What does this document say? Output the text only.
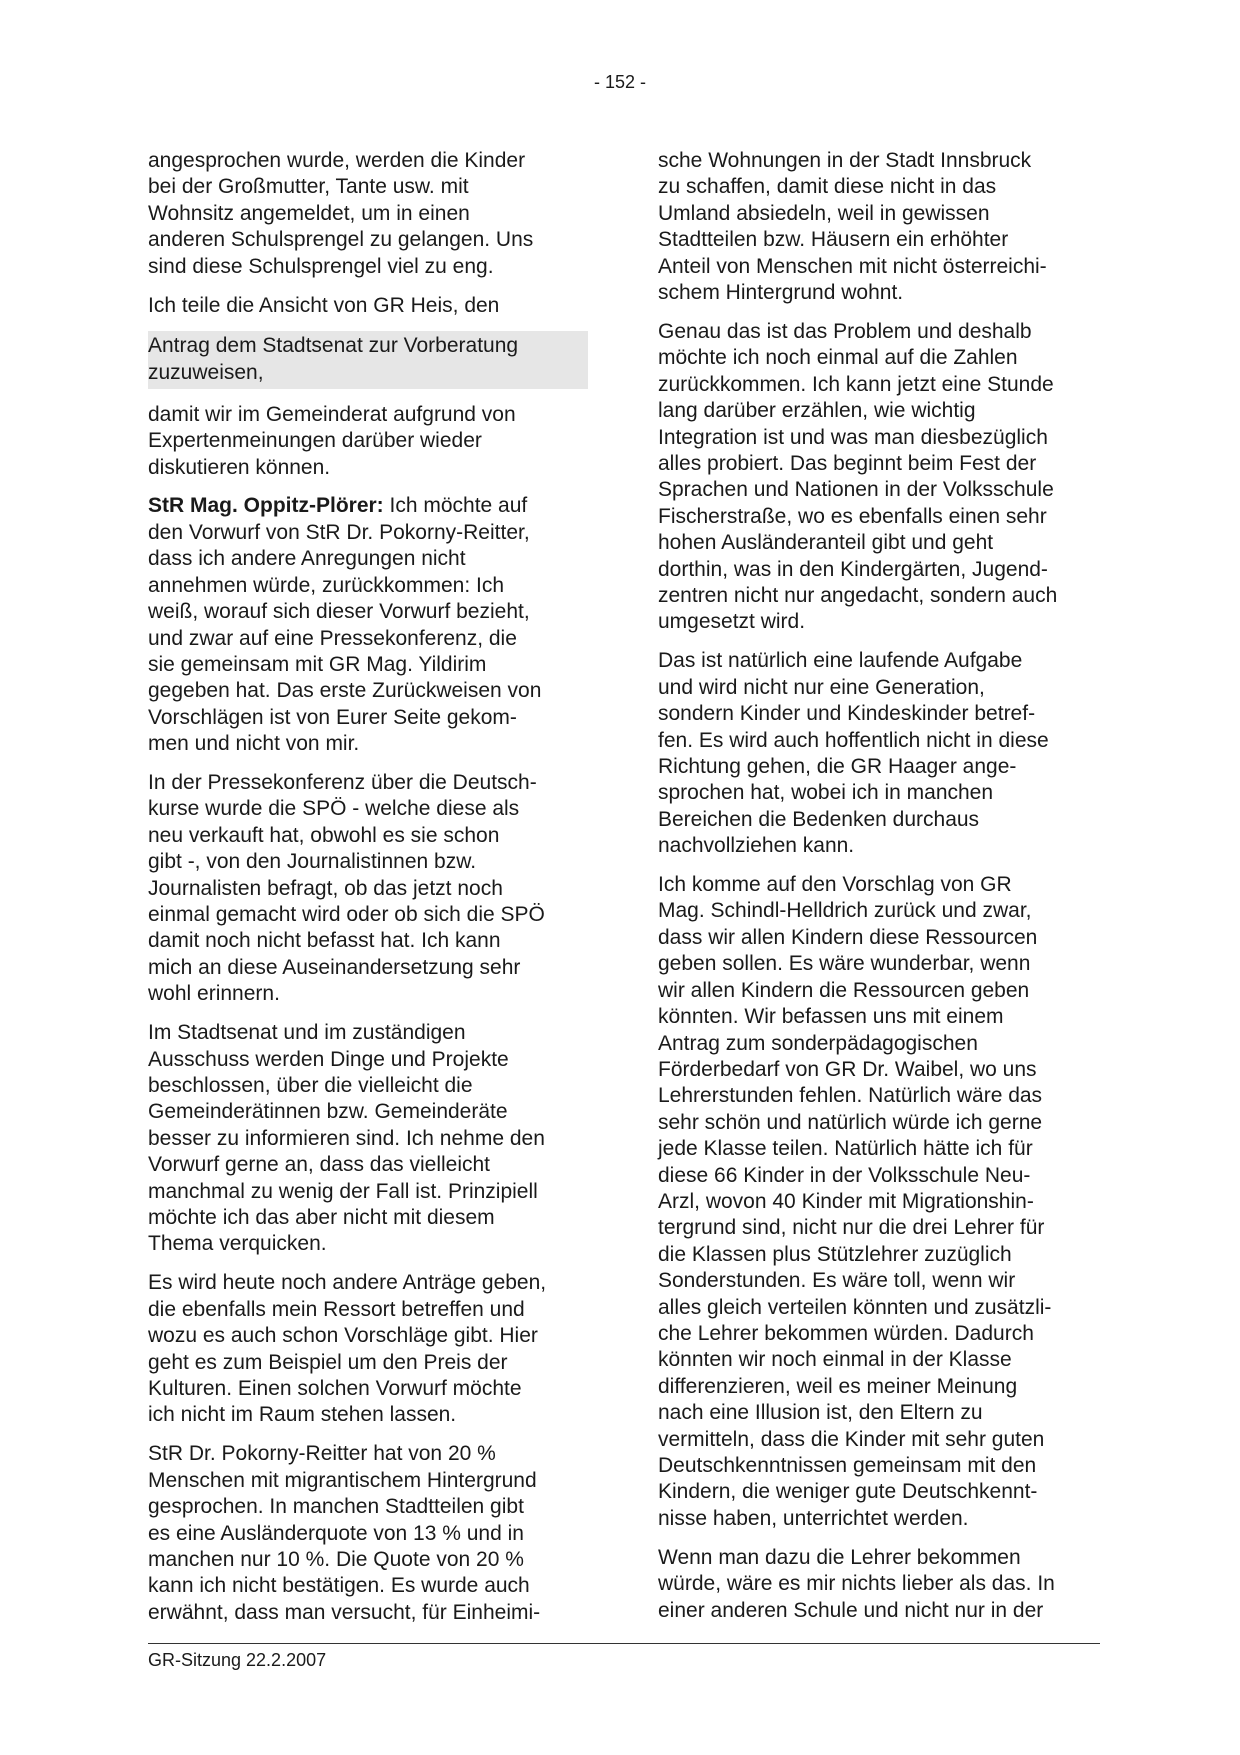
- 152 -

angesprochen wurde, werden die Kinder
bei der Großmutter, Tante usw. mit
Wohnsitz angemeldet, um in einen
anderen Schulsprengel zu gelangen. Uns
sind diese Schulsprengel viel zu eng.

Ich teile die Ansicht von GR Heis, den

Antrag dem Stadtsenat zur Vorberatung
zuzuweisen,

damit wir im Gemeinderat aufgrund von
Expertenmeinungen darüber wieder
diskutieren können.

StR Mag. Oppitz-Plörer: Ich möchte auf
den Vorwurf von StR Dr. Pokorny-Reitter,
dass ich andere Anregungen nicht
annehmen würde, zurückkommen: Ich
weiß, worauf sich dieser Vorwurf bezieht,
und zwar auf eine Pressekonferenz, die
sie gemeinsam mit GR Mag. Yildirim
gegeben hat. Das erste Zurückweisen von
Vorschlägen ist von Eurer Seite gekom-
men und nicht von mir.

In der Pressekonferenz über die Deutsch-
kurse wurde die SPÖ - welche diese als
neu verkauft hat, obwohl es sie schon
gibt -, von den Journalistinnen bzw.
Journalisten befragt, ob das jetzt noch
einmal gemacht wird oder ob sich die SPÖ
damit noch nicht befasst hat. Ich kann
mich an diese Auseinandersetzung sehr
wohl erinnern.

Im Stadtsenat und im zuständigen
Ausschuss werden Dinge und Projekte
beschlossen, über die vielleicht die
Gemeinderätinnen bzw. Gemeinderäte
besser zu informieren sind. Ich nehme den
Vorwurf gerne an, dass das vielleicht
manchmal zu wenig der Fall ist. Prinzipiell
möchte ich das aber nicht mit diesem
Thema verquicken.

Es wird heute noch andere Anträge geben,
die ebenfalls mein Ressort betreffen und
wozu es auch schon Vorschläge gibt. Hier
geht es zum Beispiel um den Preis der
Kulturen. Einen solchen Vorwurf möchte
ich nicht im Raum stehen lassen.

StR Dr. Pokorny-Reitter hat von 20 %
Menschen mit migrantischem Hintergrund
gesprochen. In manchen Stadtteilen gibt
es eine Ausländerquote von 13 % und in
manchen nur 10 %. Die Quote von 20 %
kann ich nicht bestätigen. Es wurde auch
erwähnt, dass man versucht, für Einheimi-

sche Wohnungen in der Stadt Innsbruck
zu schaffen, damit diese nicht in das
Umland absiedeln, weil in gewissen
Stadtteilen bzw. Häusern ein erhöhter
Anteil von Menschen mit nicht österreichi-
schem Hintergrund wohnt.

Genau das ist das Problem und deshalb
möchte ich noch einmal auf die Zahlen
zurückkommen. Ich kann jetzt eine Stunde
lang darüber erzählen, wie wichtig
Integration ist und was man diesbezüglich
alles probiert. Das beginnt beim Fest der
Sprachen und Nationen in der Volksschule
Fischerstraße, wo es ebenfalls einen sehr
hohen Ausländeranteil gibt und geht
dorthin, was in den Kindergärten, Jugend-
zentren nicht nur angedacht, sondern auch
umgesetzt wird.

Das ist natürlich eine laufende Aufgabe
und wird nicht nur eine Generation,
sondern Kinder und Kindeskinder betref-
fen. Es wird auch hoffentlich nicht in diese
Richtung gehen, die GR Haager ange-
sprochen hat, wobei ich in manchen
Bereichen die Bedenken durchaus
nachvollziehen kann.

Ich komme auf den Vorschlag von GR
Mag. Schindl-Helldrich zurück und zwar,
dass wir allen Kindern diese Ressourcen
geben sollen. Es wäre wunderbar, wenn
wir allen Kindern die Ressourcen geben
könnten. Wir befassen uns mit einem
Antrag zum sonderpädagogischen
Förderbedarf von GR Dr. Waibel, wo uns
Lehrerstunden fehlen. Natürlich wäre das
sehr schön und natürlich würde ich gerne
jede Klasse teilen. Natürlich hätte ich für
diese 66 Kinder in der Volksschule Neu-
Arzl, wovon 40 Kinder mit Migrationshin-
tergrund sind, nicht nur die drei Lehrer für
die Klassen plus Stützlehrer zuzüglich
Sonderstunden. Es wäre toll, wenn wir
alles gleich verteilen könnten und zusätzli-
che Lehrer bekommen würden. Dadurch
könnten wir noch einmal in der Klasse
differenzieren, weil es meiner Meinung
nach eine Illusion ist, den Eltern zu
vermitteln, dass die Kinder mit sehr guten
Deutschkenntnissen gemeinsam mit den
Kindern, die weniger gute Deutschkennt-
nisse haben, unterrichtet werden.

Wenn man dazu die Lehrer bekommen
würde, wäre es mir nichts lieber als das. In
einer anderen Schule und nicht nur in der

GR-Sitzung 22.2.2007
